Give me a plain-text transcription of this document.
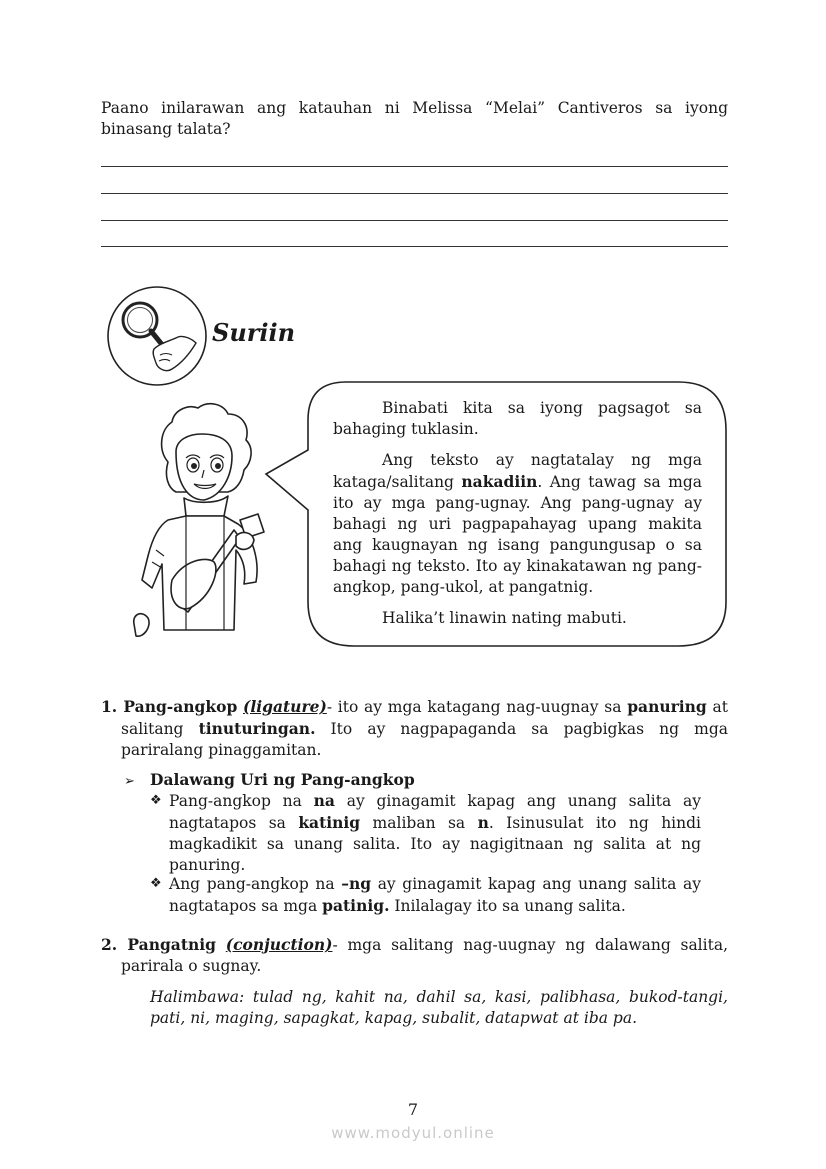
Paano inilarawan ang katauhan ni Melissa “Melai” Cantiveros sa iyong binasang talata?
Suriin

Binabati kita sa iyong pagsagot sa bahaging tuklasin.

Ang teksto ay nagtatalay ng mga kataga/salitang nakadiin. Ang tawag sa mga ito ay mga pang-ugnay. Ang pang-ugnay ay bahagi ng uri pagpapahayag upang makita ang kaugnayan ng isang pangungusap o sa bahagi ng teksto. Ito ay kinakatawan ng pang-angkop, pang-ukol, at pangatnig.

Halika’t linawin nating mabuti.

1. Pang-angkop (ligature)- ito ay mga katagang nag-uugnay sa panuring at salitang tinuturingan. Ito ay nagpapaganda sa pagbigkas ng mga pariralang pinaggamitan.
➢ Dalawang Uri ng Pang-angkop
❖ Pang-angkop na na ay ginagamit kapag ang unang salita ay nagtatapos sa katinig maliban sa n. Isinusulat ito ng hindi magkadikit sa unang salita. Ito ay nagigitnaan ng salita at ng panuring.
❖ Ang pang-angkop na –ng ay ginagamit kapag ang unang salita ay nagtatapos sa mga patinig. Inilalagay ito sa unang salita.
2. Pangatnig (conjuction)- mga salitang nag-uugnay ng dalawang salita, parirala o sugnay.
Halimbawa: tulad ng, kahit na, dahil sa, kasi, palibhasa, bukod-tangi, pati, ni, maging, sapagkat, kapag, subalit, datapwat at iba pa.
7
www.modyul.online
